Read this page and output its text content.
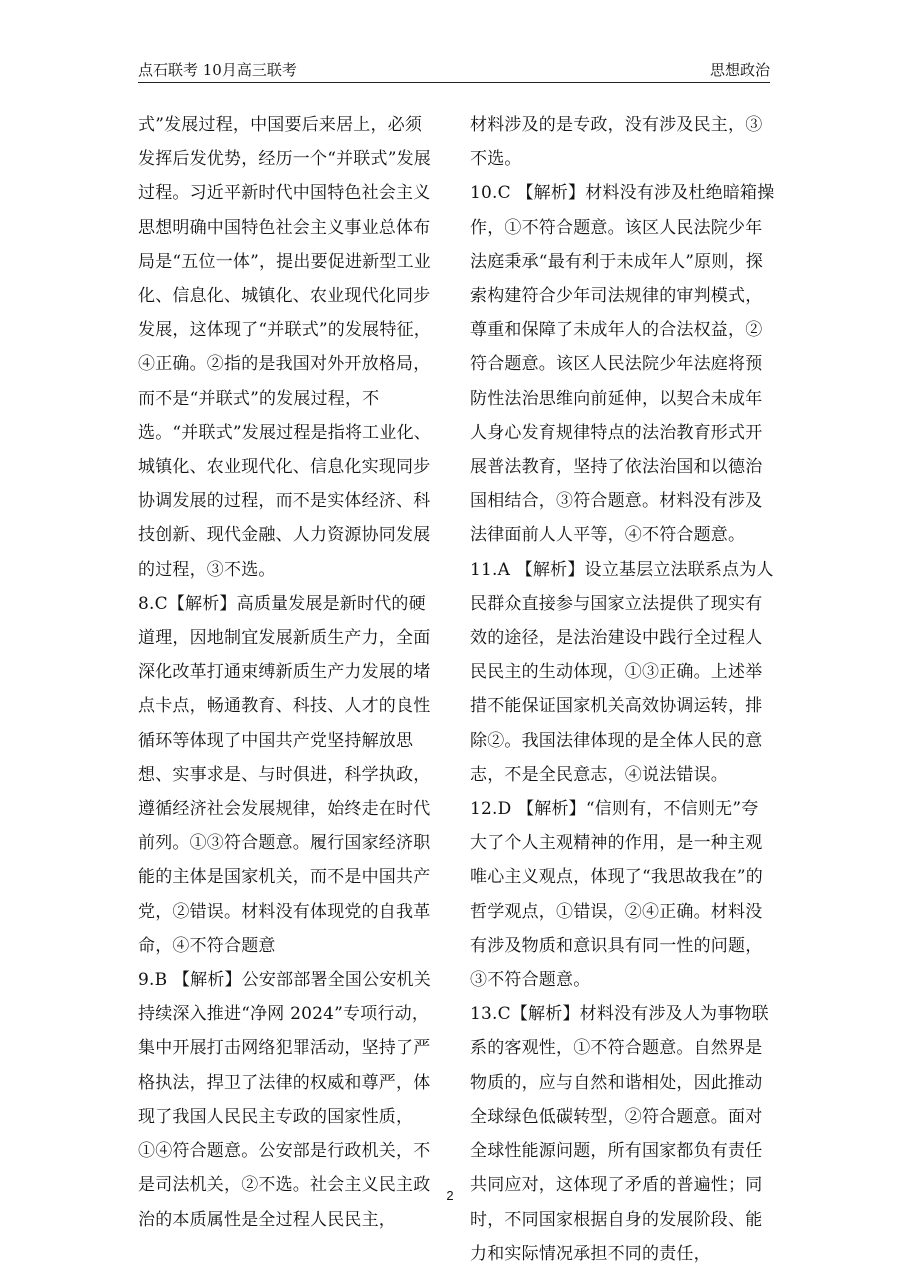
点石联考 10月高三联考	思想政治

式”发展过程，中国要后来居上，必须发挥后发优势，经历一个“并联式”发展过程。习近平新时代中国特色社会主义思想明确中国特色社会主义事业总体布局是“五位一体”，提出要促进新型工业化、信息化、城镇化、农业现代化同步发展，这体现了“并联式”的发展特征，④正确。②指的是我国对外开放格局，而不是“并联式”的发展过程，不选。“并联式”发展过程是指将工业化、城镇化、农业现代化、信息化实现同步协调发展的过程，而不是实体经济、科技创新、现代金融、人力资源协同发展的过程，③不选。

8.C【解析】高质量发展是新时代的硬道理，因地制宜发展新质生产力，全面深化改革打通束缚新质生产力发展的堵点卡点，畅通教育、科技、人才的良性循环等体现了中国共产党坚持解放思想、实事求是、与时俱进，科学执政，遵循经济社会发展规律，始终走在时代前列。①③符合题意。履行国家经济职能的主体是国家机关，而不是中国共产党，②错误。材料没有体现党的自我革命，④不符合题意

9.B 【解析】公安部部署全国公安机关持续深入推进“净网 2024”专项行动，集中开展打击网络犯罪活动，坚持了严格执法，捍卫了法律的权威和尊严，体现了我国人民民主专政的国家性质，①④符合题意。公安部是行政机关，不是司法机关，②不选。社会主义民主政治的本质属性是全过程人民民主，

材料涉及的是专政，没有涉及民主，③不选。

10.C 【解析】材料没有涉及杜绝暗箱操作，①不符合题意。该区人民法院少年法庭秉承“最有利于未成年人”原则，探索构建符合少年司法规律的审判模式，尊重和保障了未成年人的合法权益，②符合题意。该区人民法院少年法庭将预防性法治思维向前延伸，以契合未成年人身心发育规律特点的法治教育形式开展普法教育，坚持了依法治国和以德治国相结合，③符合题意。材料没有涉及法律面前人人平等，④不符合题意。

11.A 【解析】设立基层立法联系点为人民群众直接参与国家立法提供了现实有效的途径，是法治建设中践行全过程人民民主的生动体现，①③正确。上述举措不能保证国家机关高效协调运转，排除②。我国法律体现的是全体人民的意志，不是全民意志，④说法错误。

12.D 【解析】“信则有，不信则无”夸大了个人主观精神的作用，是一种主观唯心主义观点，体现了“我思故我在”的哲学观点，①错误，②④正确。材料没有涉及物质和意识具有同一性的问题，③不符合题意。

13.C【解析】材料没有涉及人为事物联系的客观性，①不符合题意。自然界是物质的，应与自然和谐相处，因此推动全球绿色低碳转型，②符合题意。面对全球性能源问题，所有国家都负有责任共同应对，这体现了矛盾的普遍性；同时，不同国家根据自身的发展阶段、能力和实际情况承担不同的责任，

2
